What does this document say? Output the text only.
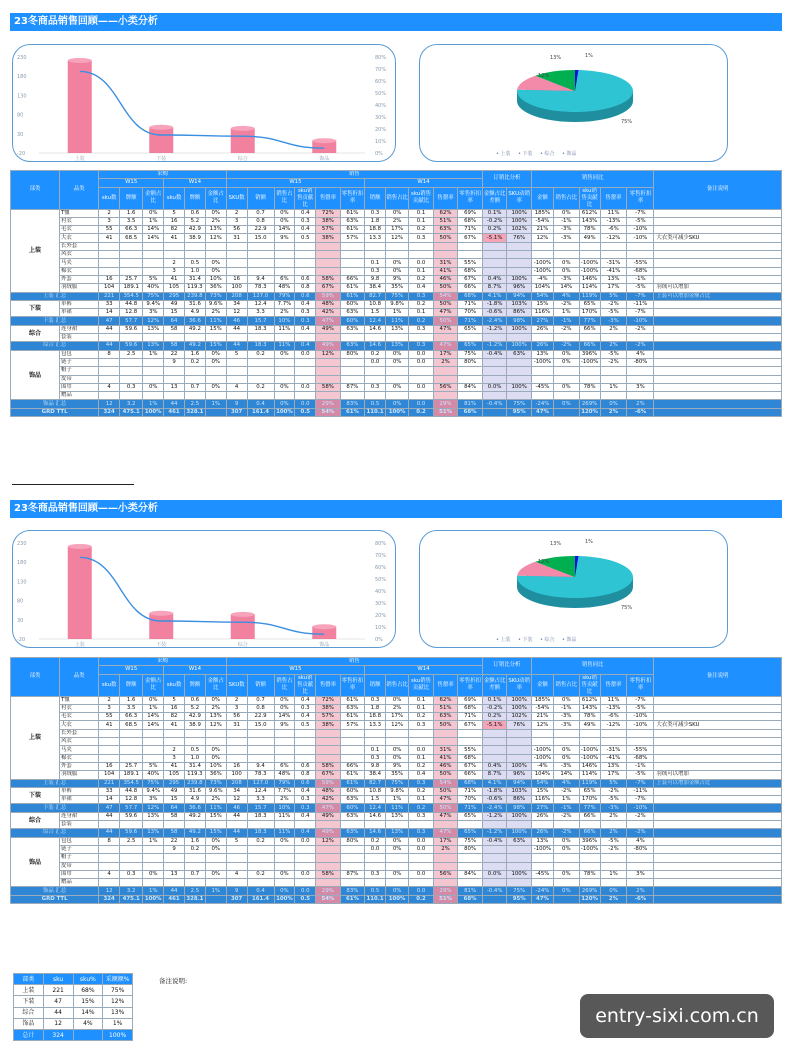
23冬商品销售回顾——小类分析
230
180
130
80
30
-20
80%
70%
60%
50%
40%
30%
20%
10%
0%
上装	下装	综合	饰品
13%	1%
12%
75%
• 上装 • 下装 • 综合 • 饰品
部类	品类	采购						销售											订销比分析		销售同比					备注说明
		W15			W14			W15						W14												
		sku数	牌额	金额占比	sku数	牌额	金额占比	SKU数	销额	销售占比	sku销售贡献比	售罄率	零售折扣率	销额	销售占比	sku销售贡献比	售罄率	零售折扣率	金额占比差额	SKU动销率	金额	销售占比	sku销售贡献比	售罄率	零售折扣率	
上装	T恤	2	1.6	0%	5	0.6	0%	2	0.7	0%	0.4	72%	61%	0.3	0%	0.1	62%	69%	0.1%	100%	185%	0%	612%	11%	-7%	
	衬衣	3	3.5	1%	16	5.2	2%	3	0.8	0%	0.3	38%	63%	1.8	2%	0.1	51%	68%	-0.2%	100%	-54%	-1%	143%	-13%	-5%	
	毛衣	55	66.3	14%	82	42.9	13%	56	22.9	14%	0.4	57%	61%	18.8	17%	0.2	63%	71%	0.2%	102%	21%	-3%	78%	-6%	-10%	
	大衣	41	68.5	14%	41	38.9	12%	31	15.0	9%	0.5	38%	57%	13.3	12%	0.3	50%	67%	-5.1%	76%	12%	-3%	49%	-12%	-10%	大衣类可减少SKU
	长外套																									
	风衣																									
	马夹				2	0.5	0%							0.1	0%	0.0	31%	55%			-100%	0%	-100%	-31%	-55%	
	棉衣				3	1.0	0%							0.3	0%	0.1	41%	68%			-100%	0%	-100%	-41%	-68%	
	外套	16	25.7	5%	41	31.4	10%	16	9.4	6%	0.6	58%	66%	9.8	9%	0.2	46%	67%	0.4%	100%	-4%	-3%	146%	13%	-1%	
	羽绒服	104	189.1	40%	105	119.3	36%	100	78.3	48%	0.8	67%	61%	38.4	35%	0.4	50%	66%	8.7%	96%	104%	14%	114%	17%	-5%	羽绒可以增加
上装 汇总		221	354.5	75%	295	239.8	73%	208	127.0	79%	0.6	59%	61%	82.7	75%	0.3	54%	68%	4.1%	94%	54%	4%	119%	5%	-7%	上装可以增加金额占比
下装	单裤	33	44.8	9.4%	49	31.6	9.6%	34	12.4	7.7%	0.4	48%	60%	10.8	9.8%	0.2	50%	71%	-1.8%	103%	15%	-2%	65%	-2%	-11%	
	单裙	14	12.8	3%	15	4.9	2%	12	3.3	2%	0.3	42%	63%	1.5	1%	0.1	47%	70%	-0.6%	86%	116%	1%	170%	-5%	-7%	
下装 汇总		47	57.7	12%	64	36.6	11%	46	15.7	10%	0.3	47%	60%	12.4	11%	0.2	50%	71%	-2.4%	98%	27%	-1%	77%	-3%	-10%	
综合	连身裙	44	59.6	13%	58	49.2	15%	44	18.3	11%	0.4	49%	63%	14.6	13%	0.3	47%	65%	-1.2%	100%	26%	-2%	66%	2%	-2%	
	套装																									
综合 汇总		44	59.6	13%	58	49.2	15%	44	18.3	11%	0.4	49%	63%	14.6	13%	0.3	47%	65%	-1.2%	100%	26%	-2%	66%	2%	-2%	
饰品	包包	8	2.5	1%	22	1.6	0%	5	0.2	0%	0.0	12%	80%	0.2	0%	0.0	17%	75%	-0.4%	63%	13%	0%	396%	-5%	4%	
	链子				9	0.2	0%							0.0	0%	0.0	2%	80%			-100%	0%	-100%	-2%	-80%	
	帽子																									
	皮带																									
	围巾	4	0.3	0%	13	0.7	0%	4	0.2	0%	0.0	58%	87%	0.3	0%	0.0	56%	84%	0.0%	100%	-45%	0%	78%	1%	3%	
	赠品																									
饰品 汇总		12	3.2	1%	44	2.5	1%	9	0.4	0%	0.0	29%	83%	0.5	0%	0.0	29%	81%	-0.4%	75%	-24%	0%	269%	0%	2%	
GRD TTL		324	475.1	100%	461	328.1		307	161.4	100%	0.5	54%	61%	110.1	100%	0.2	51%	68%		95%	47%		120%	2%	-6%	
23冬商品销售回顾——小类分析
230
180
130
80
30
-20
80%
70%
60%
50%
40%
30%
20%
10%
0%
上装	下装	综合	饰品
13%	1%
12%
75%
• 上装 • 下装 • 综合 • 饰品
部类	品类	采购						销售											订销比分析		销售同比					备注说明
		W15			W14			W15						W14												
		sku数	牌额	金额占比	sku数	牌额	金额占比	SKU数	销额	销售占比	sku销售贡献比	售罄率	零售折扣率	销额	销售占比	sku销售贡献比	售罄率	零售折扣率	金额占比差额	SKU动销率	金额	销售占比	sku销售贡献比	售罄率	零售折扣率	
上装	T恤	2	1.6	0%	5	0.6	0%	2	0.7	0%	0.4	72%	61%	0.3	0%	0.1	62%	69%	0.1%	100%	185%	0%	612%	11%	-7%	
	衬衣	3	3.5	1%	16	5.2	2%	3	0.8	0%	0.3	38%	63%	1.8	2%	0.1	51%	68%	-0.2%	100%	-54%	-1%	143%	-13%	-5%	
	毛衣	55	66.3	14%	82	42.9	13%	56	22.9	14%	0.4	57%	61%	18.8	17%	0.2	63%	71%	0.2%	102%	21%	-3%	78%	-6%	-10%	
	大衣	41	68.5	14%	41	38.9	12%	31	15.0	9%	0.5	38%	57%	13.3	12%	0.3	50%	67%	-5.1%	76%	12%	-3%	49%	-12%	-10%	大衣类可减少SKU
	长外套																									
	风衣																									
	马夹				2	0.5	0%							0.1	0%	0.0	31%	55%			-100%	0%	-100%	-31%	-55%	
	棉衣				3	1.0	0%							0.3	0%	0.1	41%	68%			-100%	0%	-100%	-41%	-68%	
	外套	16	25.7	5%	41	31.4	10%	16	9.4	6%	0.6	58%	66%	9.8	9%	0.2	46%	67%	0.4%	100%	-4%	-3%	146%	13%	-1%	
	羽绒服	104	189.1	40%	105	119.3	36%	100	78.3	48%	0.8	67%	61%	38.4	35%	0.4	50%	66%	8.7%	96%	104%	14%	114%	17%	-5%	羽绒可以增加
上装 汇总		221	354.5	75%	295	239.8	73%	208	127.0	79%	0.6	59%	61%	82.7	75%	0.3	54%	68%	4.1%	94%	54%	4%	119%	5%	-7%	上装可以增加金额占比
下装	单裤	33	44.8	9.4%	49	31.6	9.6%	34	12.4	7.7%	0.4	48%	60%	10.8	9.8%	0.2	50%	71%	-1.8%	103%	15%	-2%	65%	-2%	-11%	
	单裙	14	12.8	3%	15	4.9	2%	12	3.3	2%	0.3	42%	63%	1.5	1%	0.1	47%	70%	-0.6%	86%	116%	1%	170%	-5%	-7%	
下装 汇总		47	57.7	12%	64	36.6	11%	46	15.7	10%	0.3	47%	60%	12.4	11%	0.2	50%	71%	-2.4%	98%	27%	-1%	77%	-3%	-10%	
综合	连身裙	44	59.6	13%	58	49.2	15%	44	18.3	11%	0.4	49%	63%	14.6	13%	0.3	47%	65%	-1.2%	100%	26%	-2%	66%	2%	-2%	
	套装																									
综合 汇总		44	59.6	13%	58	49.2	15%	44	18.3	11%	0.4	49%	63%	14.6	13%	0.3	47%	65%	-1.2%	100%	26%	-2%	66%	2%	-2%	
饰品	包包	8	2.5	1%	22	1.6	0%	5	0.2	0%	0.0	12%	80%	0.2	0%	0.0	17%	75%	-0.4%	63%	13%	0%	396%	-5%	4%	
	链子				9	0.2	0%							0.0	0%	0.0	2%	80%			-100%	0%	-100%	-2%	-80%	
	帽子																									
	皮带																									
	围巾	4	0.3	0%	13	0.7	0%	4	0.2	0%	0.0	58%	87%	0.3	0%	0.0	56%	84%	0.0%	100%	-45%	0%	78%	1%	3%	
	赠品																									
饰品 汇总		12	3.2	1%	44	2.5	1%	9	0.4	0%	0.0	29%	83%	0.5	0%	0.0	29%	81%	-0.4%	75%	-24%	0%	269%	0%	2%	
GRD TTL		324	475.1	100%	461	328.1		307	161.4	100%	0.5	54%	61%	110.1	100%	0.2	51%	68%		95%	47%		120%	2%	-6%	
部类	sku	sku%	采额额%
上装	221	68%	75%
下装	47	15%	12%
综合	44	14%	13%
饰品	12	4%	1%
总计	324		100%
备注说明:
entry-sixi.com.cn
